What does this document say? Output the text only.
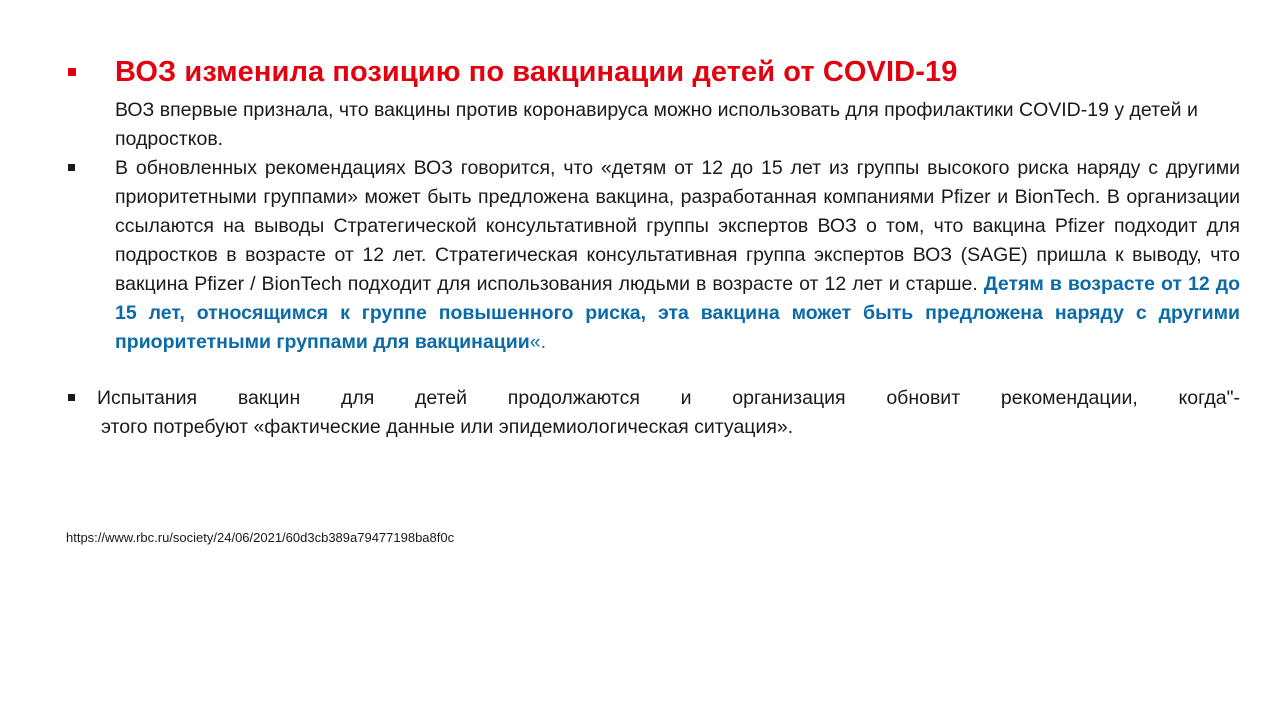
ВОЗ изменила позицию по вакцинации детей от COVID-19
ВОЗ впервые признала, что вакцины против коронавируса можно использовать для профилактики COVID-19 у детей и подростков.
В обновленных рекомендациях ВОЗ говорится, что «детям от 12 до 15 лет из группы высокого риска наряду с другими приоритетными группами» может быть предложена вакцина, разработанная компаниями Pfizer и BionTech. В организации ссылаются на выводы Стратегической консультативной группы экспертов ВОЗ о том, что вакцина Pfizer подходит для подростков в возрасте от 12 лет. Стратегическая консультативная группа экспертов ВОЗ (SAGE) пришла к выводу, что вакцина Pfizer / BionTech подходит для использования людьми в возрасте от 12 лет и старше. Детям в возрасте от 12 до 15 лет, относящимся к группе повышенного риска, эта вакцина может быть предложена наряду с другими приоритетными группами для вакцинации«.
Испытания вакцин для детей продолжаются и организация обновит рекомендации, когда"-
этого потребуют «фактические данные или эпидемиологическая ситуация».
https://www.rbc.ru/society/24/06/2021/60d3cb389a79477198ba8f0c
